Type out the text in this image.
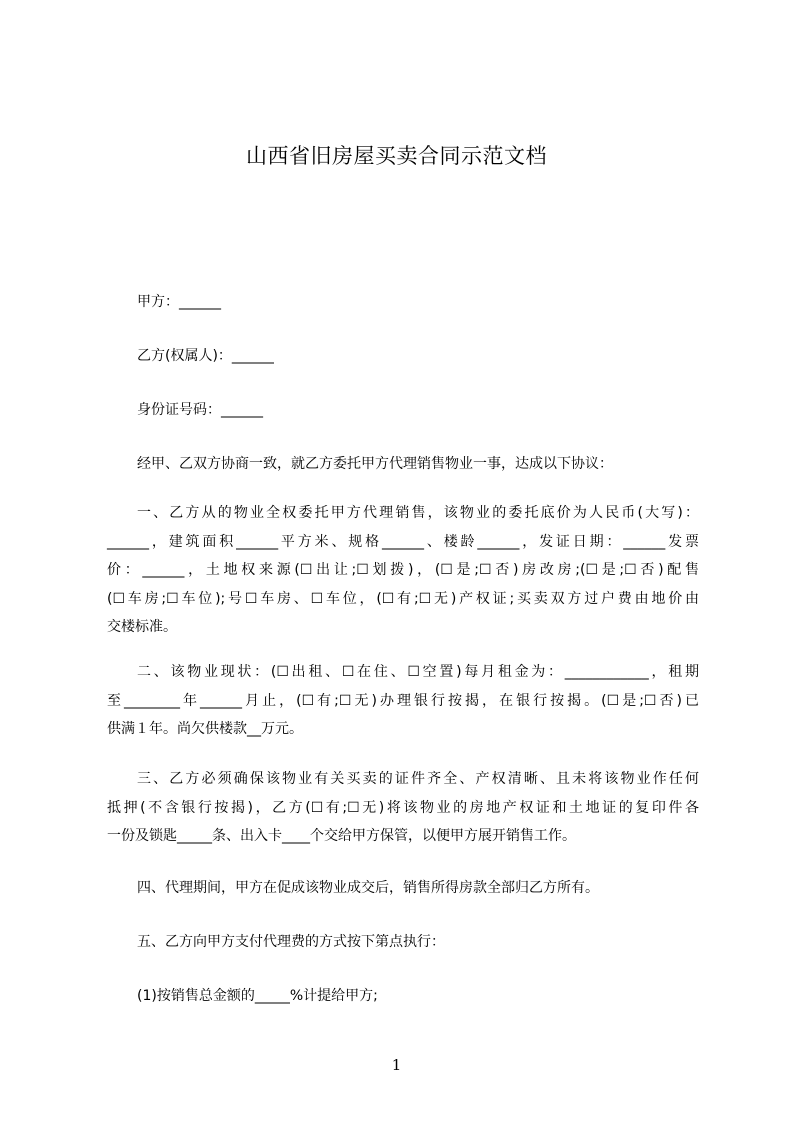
山西省旧房屋买卖合同示范文档
甲方：______
乙方(权属人)：______
身份证号码：______
经甲、乙双方协商一致，就乙方委托甲方代理销售物业一事，达成以下协议：
一、乙方从的物业全权委托甲方代理销售，该物业的委托底价为人民币(大写)：
______，建筑面积______平方米、规格______、楼龄______，发证日期：______发票
价：______，土地权来源(☐出让;☐划拨)，(☐是;☐否)房改房;(☐是;☐否)配售
(☐车房;☐车位);号☐车房、☐车位，(☐有;☐无)产权证;买卖双方过户费由地价由
交楼标准。
二、该物业现状：(☐出租、☐在住、☐空置)每月租金为：____________，租期
至________年______月止，(☐有;☐无)办理银行按揭，在银行按揭。(☐是;☐否)已
供满１年。尚欠供楼款__万元。
三、乙方必须确保该物业有关买卖的证件齐全、产权清晰、且未将该物业作任何
抵押(不含银行按揭)，乙方(☐有;☐无)将该物业的房地产权证和土地证的复印件各
一份及锁匙_____条、出入卡____个交给甲方保管，以便甲方展开销售工作。
四、代理期间，甲方在促成该物业成交后，销售所得房款全部归乙方所有。
五、乙方向甲方支付代理费的方式按下第点执行：
(1)按销售总金额的_____%计提给甲方;
1
